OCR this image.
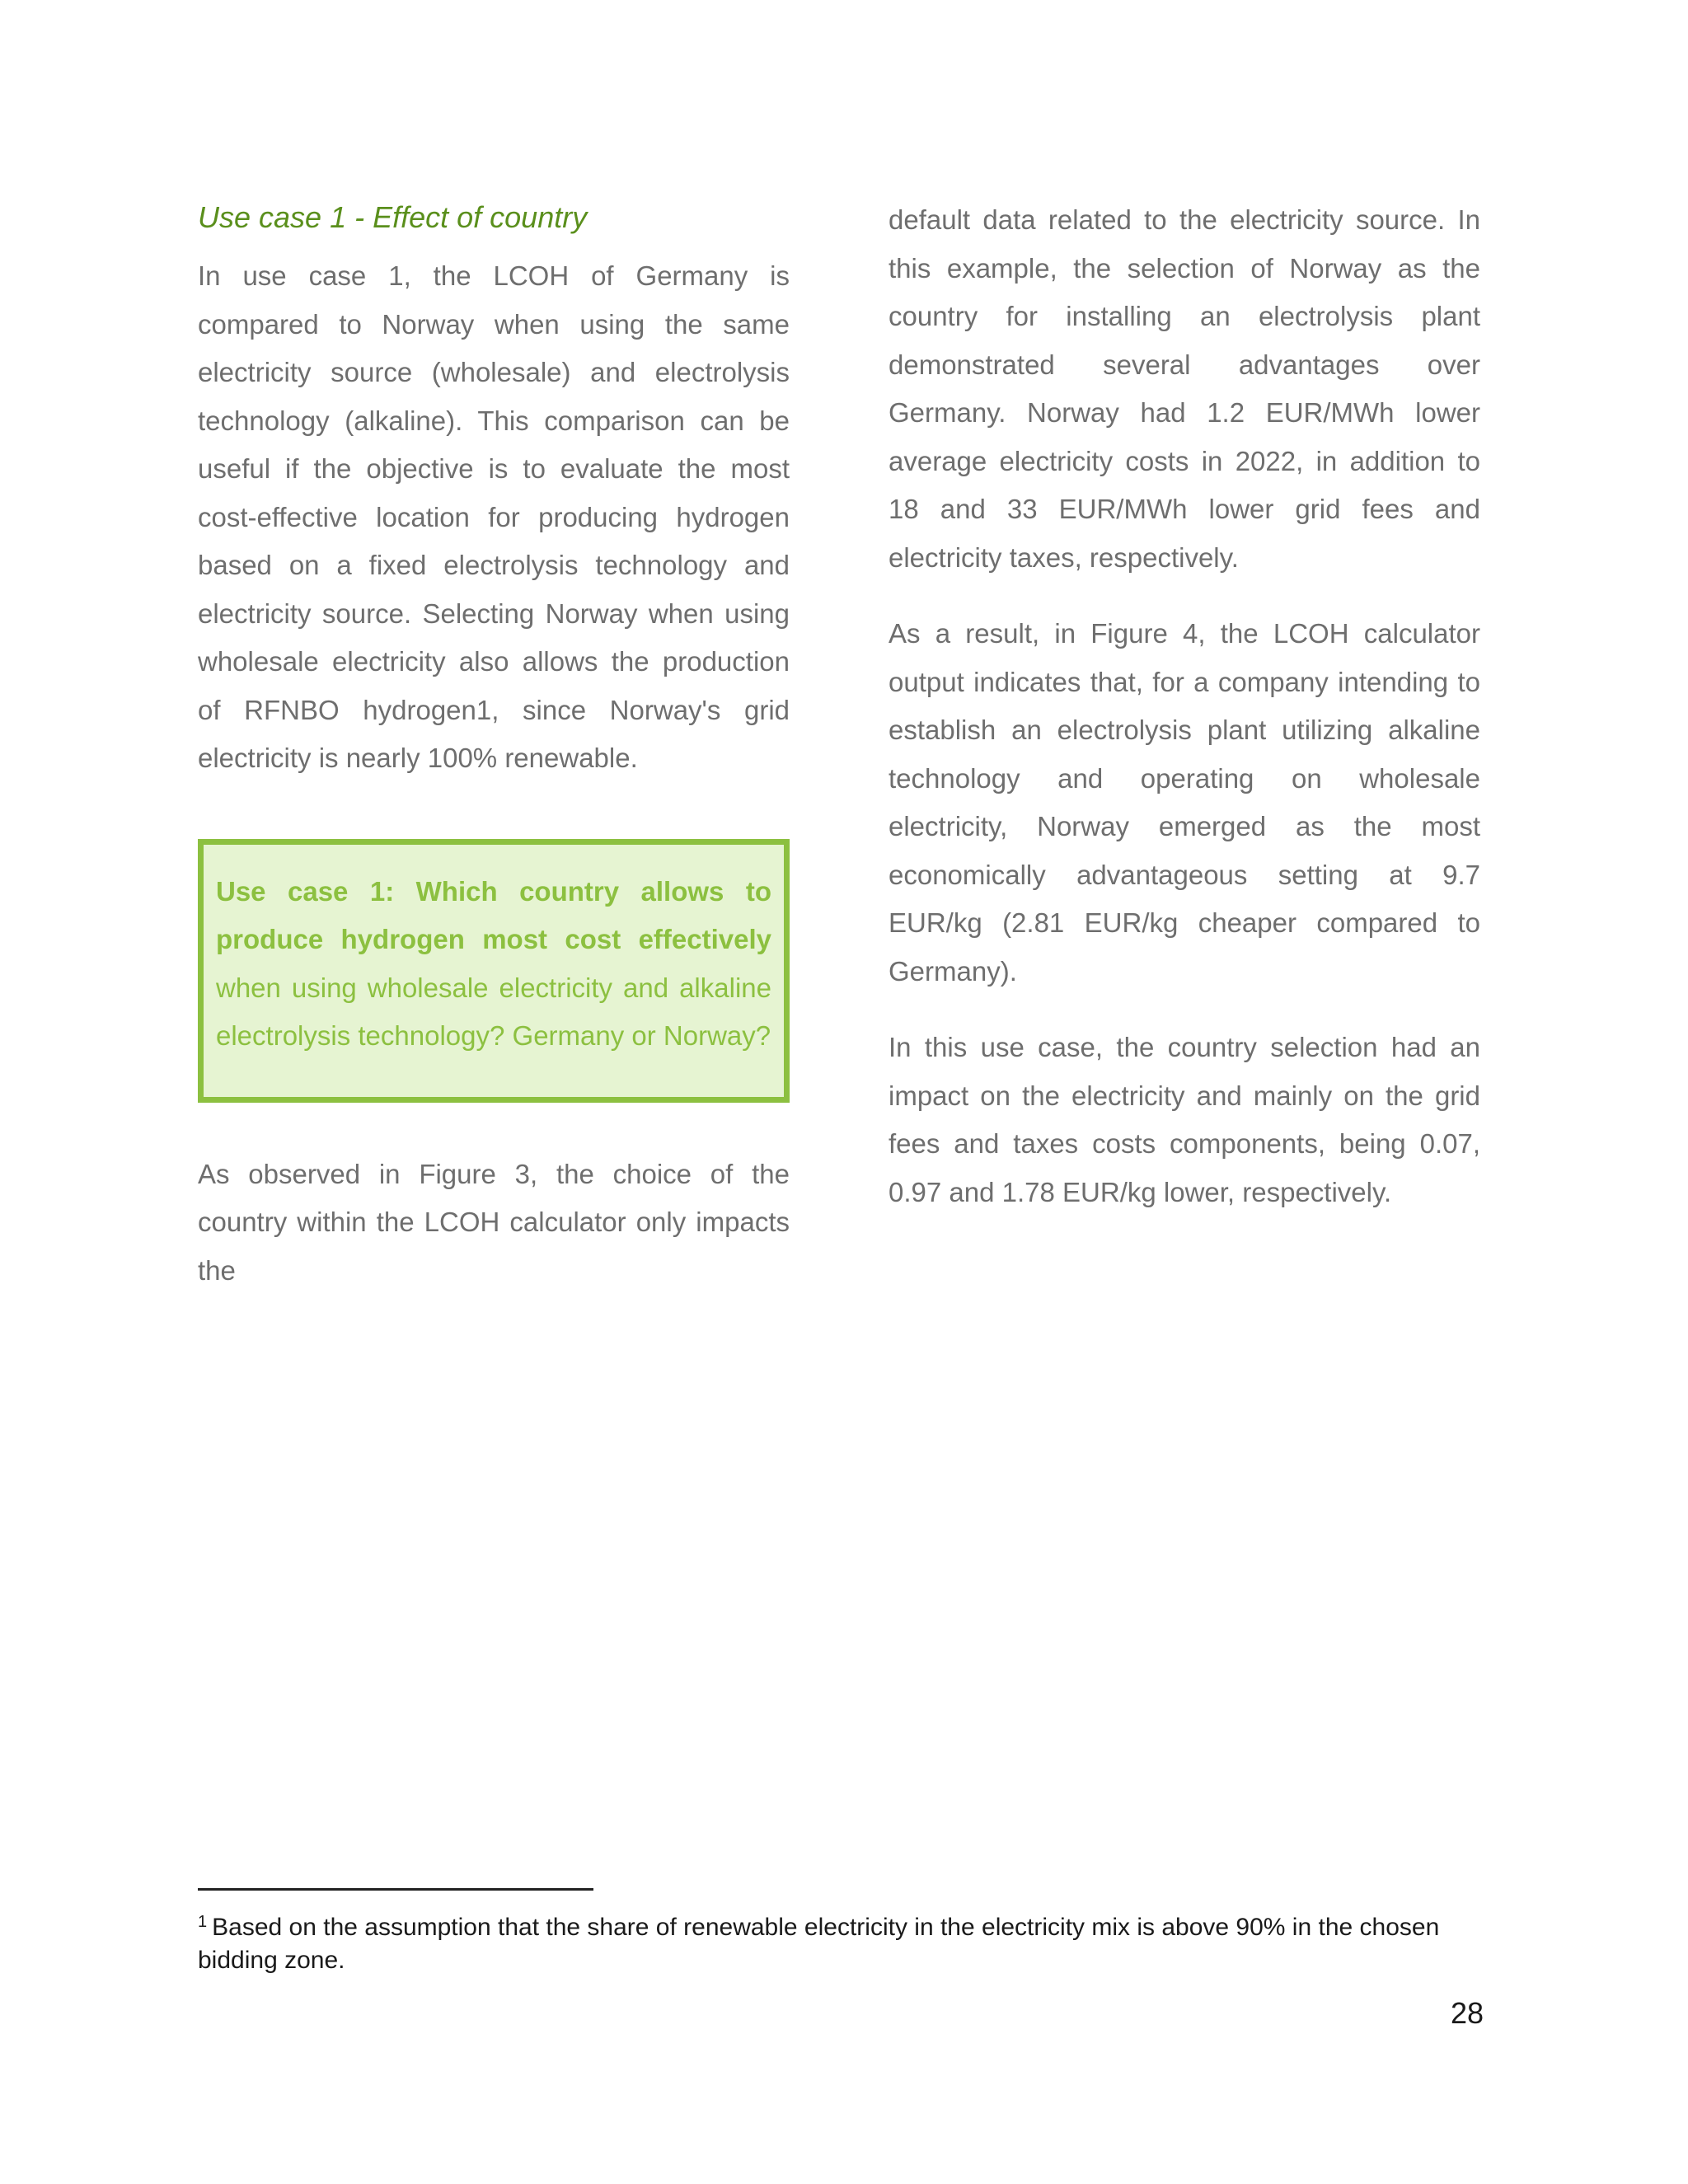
Use case 1 - Effect of country

In use case 1, the LCOH of Germany is compared to Norway when using the same electricity source (wholesale) and electrolysis technology (alkaline). This comparison can be useful if the objective is to evaluate the most cost-effective location for producing hydrogen based on a fixed electrolysis technology and electricity source. Selecting Norway when using wholesale electricity also allows the production of RFNBO hydrogen1, since Norway's grid electricity is nearly 100% renewable.

Use case 1: Which country allows to produce hydrogen most cost effectively when using wholesale electricity and alkaline electrolysis technology? Germany or Norway?

As observed in Figure 3, the choice of the country within the LCOH calculator only impacts the

default data related to the electricity source. In this example, the selection of Norway as the country for installing an electrolysis plant demonstrated several advantages over Germany. Norway had 1.2 EUR/MWh lower average electricity costs in 2022, in addition to 18 and 33 EUR/MWh lower grid fees and electricity taxes, respectively.

As a result, in Figure 4, the LCOH calculator output indicates that, for a company intending to establish an electrolysis plant utilizing alkaline technology and operating on wholesale electricity, Norway emerged as the most economically advantageous setting at 9.7 EUR/kg (2.81 EUR/kg cheaper compared to Germany).

In this use case, the country selection had an impact on the electricity and mainly on the grid fees and taxes costs components, being 0.07, 0.97 and 1.78 EUR/kg lower, respectively.

$^1$ Based on the assumption that the share of renewable electricity in the electricity mix is above 90% in the chosen bidding zone.
28
